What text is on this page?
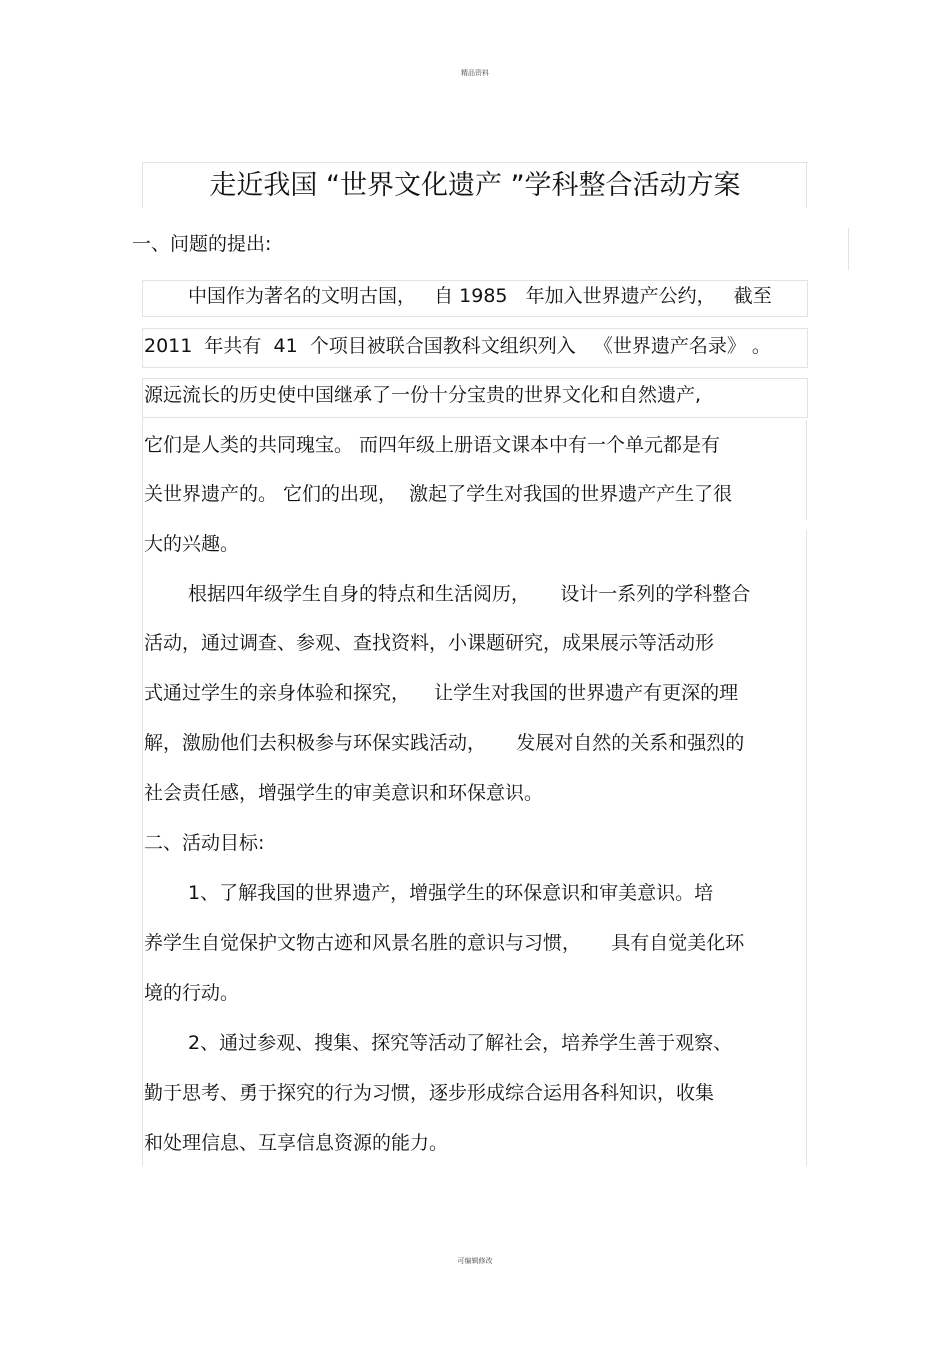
精品资料
走近我国 “世界文化遗产 ”学科整合活动方案
一、问题的提出:
中国作为著名的文明古国，   自 1985   年加入世界遗产公约，   截至
2011  年共有  41  个项目被联合国教科文组织列入   《世界遗产名录》 。
源远流长的历史使中国继承了一份十分宝贵的世界文化和自然遗产,
它们是人类的共同瑰宝。 而四年级上册语文课本中有一个单元都是有
关世界遗产的。 它们的出现，  激起了学生对我国的世界遗产产生了很
大的兴趣。
根据四年级学生自身的特点和生活阅历，     设计一系列的学科整合
活动，通过调查、参观、查找资料，小课题研究，成果展示等活动形
式通过学生的亲身体验和探究，    让学生对我国的世界遗产有更深的理
解，激励他们去积极参与环保实践活动，     发展对自然的关系和强烈的
社会责任感，增强学生的审美意识和环保意识。
二、活动目标:
1、了解我国的世界遗产，增强学生的环保意识和审美意识。培
养学生自觉保护文物古迹和风景名胜的意识与习惯，     具有自觉美化环
境的行动。
2、通过参观、搜集、探究等活动了解社会，培养学生善于观察、
勤于思考、勇于探究的行为习惯，逐步形成综合运用各科知识，收集
和处理信息、互享信息资源的能力。
可编辑修改
